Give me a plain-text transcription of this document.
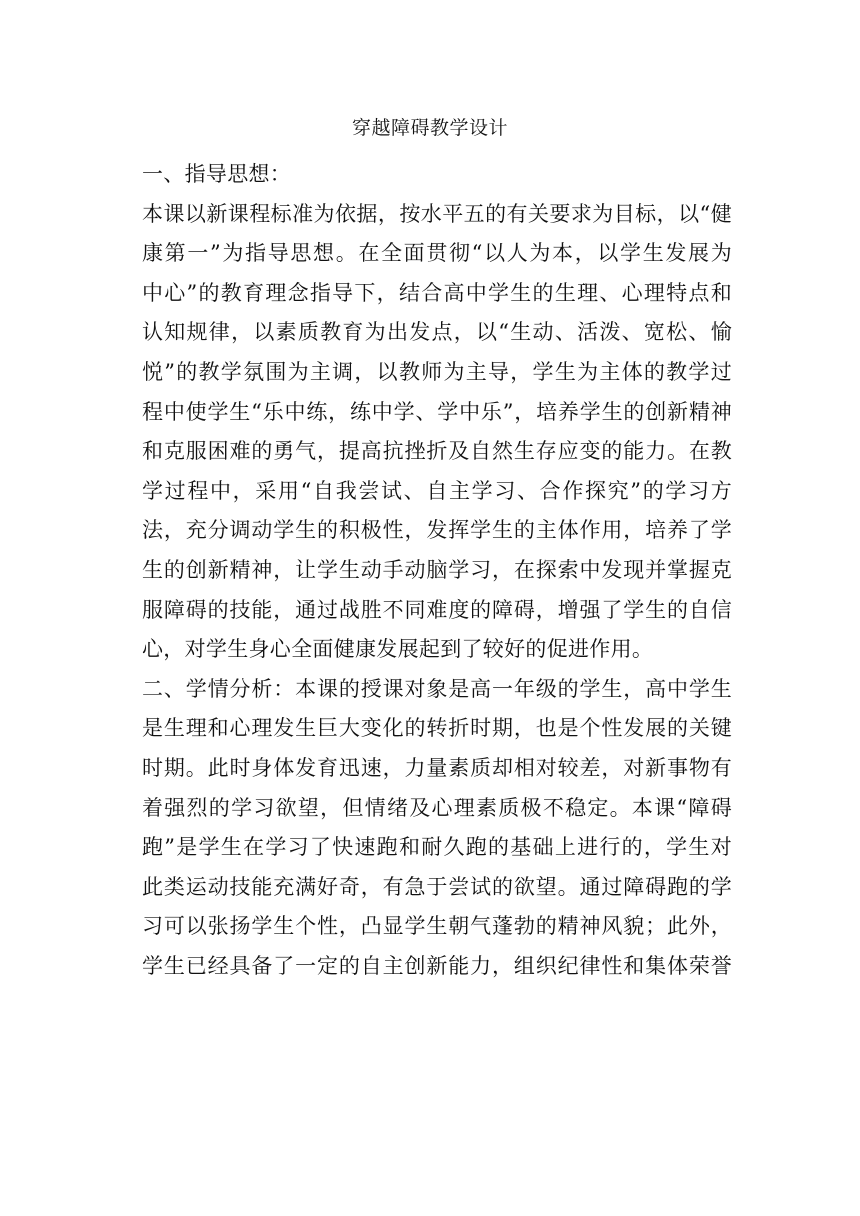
穿越障碍教学设计
一、指导思想：
本课以新课程标准为依据，按水平五的有关要求为目标，以“健
康第一”为指导思想。在全面贯彻“以人为本，以学生发展为
中心”的教育理念指导下，结合高中学生的生理、心理特点和
认知规律，以素质教育为出发点，以“生动、活泼、宽松、愉
悦”的教学氛围为主调，以教师为主导，学生为主体的教学过
程中使学生“乐中练，练中学、学中乐”，培养学生的创新精神
和克服困难的勇气，提高抗挫折及自然生存应变的能力。在教
学过程中，采用“自我尝试、自主学习、合作探究”的学习方
法，充分调动学生的积极性，发挥学生的主体作用，培养了学
生的创新精神，让学生动手动脑学习，在探索中发现并掌握克
服障碍的技能，通过战胜不同难度的障碍，增强了学生的自信
心，对学生身心全面健康发展起到了较好的促进作用。
二、学情分析：本课的授课对象是高一年级的学生，高中学生
是生理和心理发生巨大变化的转折时期，也是个性发展的关键
时期。此时身体发育迅速，力量素质却相对较差，对新事物有
着强烈的学习欲望，但情绪及心理素质极不稳定。本课“障碍
跑”是学生在学习了快速跑和耐久跑的基础上进行的，学生对
此类运动技能充满好奇，有急于尝试的欲望。通过障碍跑的学
习可以张扬学生个性，凸显学生朝气蓬勃的精神风貌；此外，
学生已经具备了一定的自主创新能力，组织纪律性和集体荣誉
